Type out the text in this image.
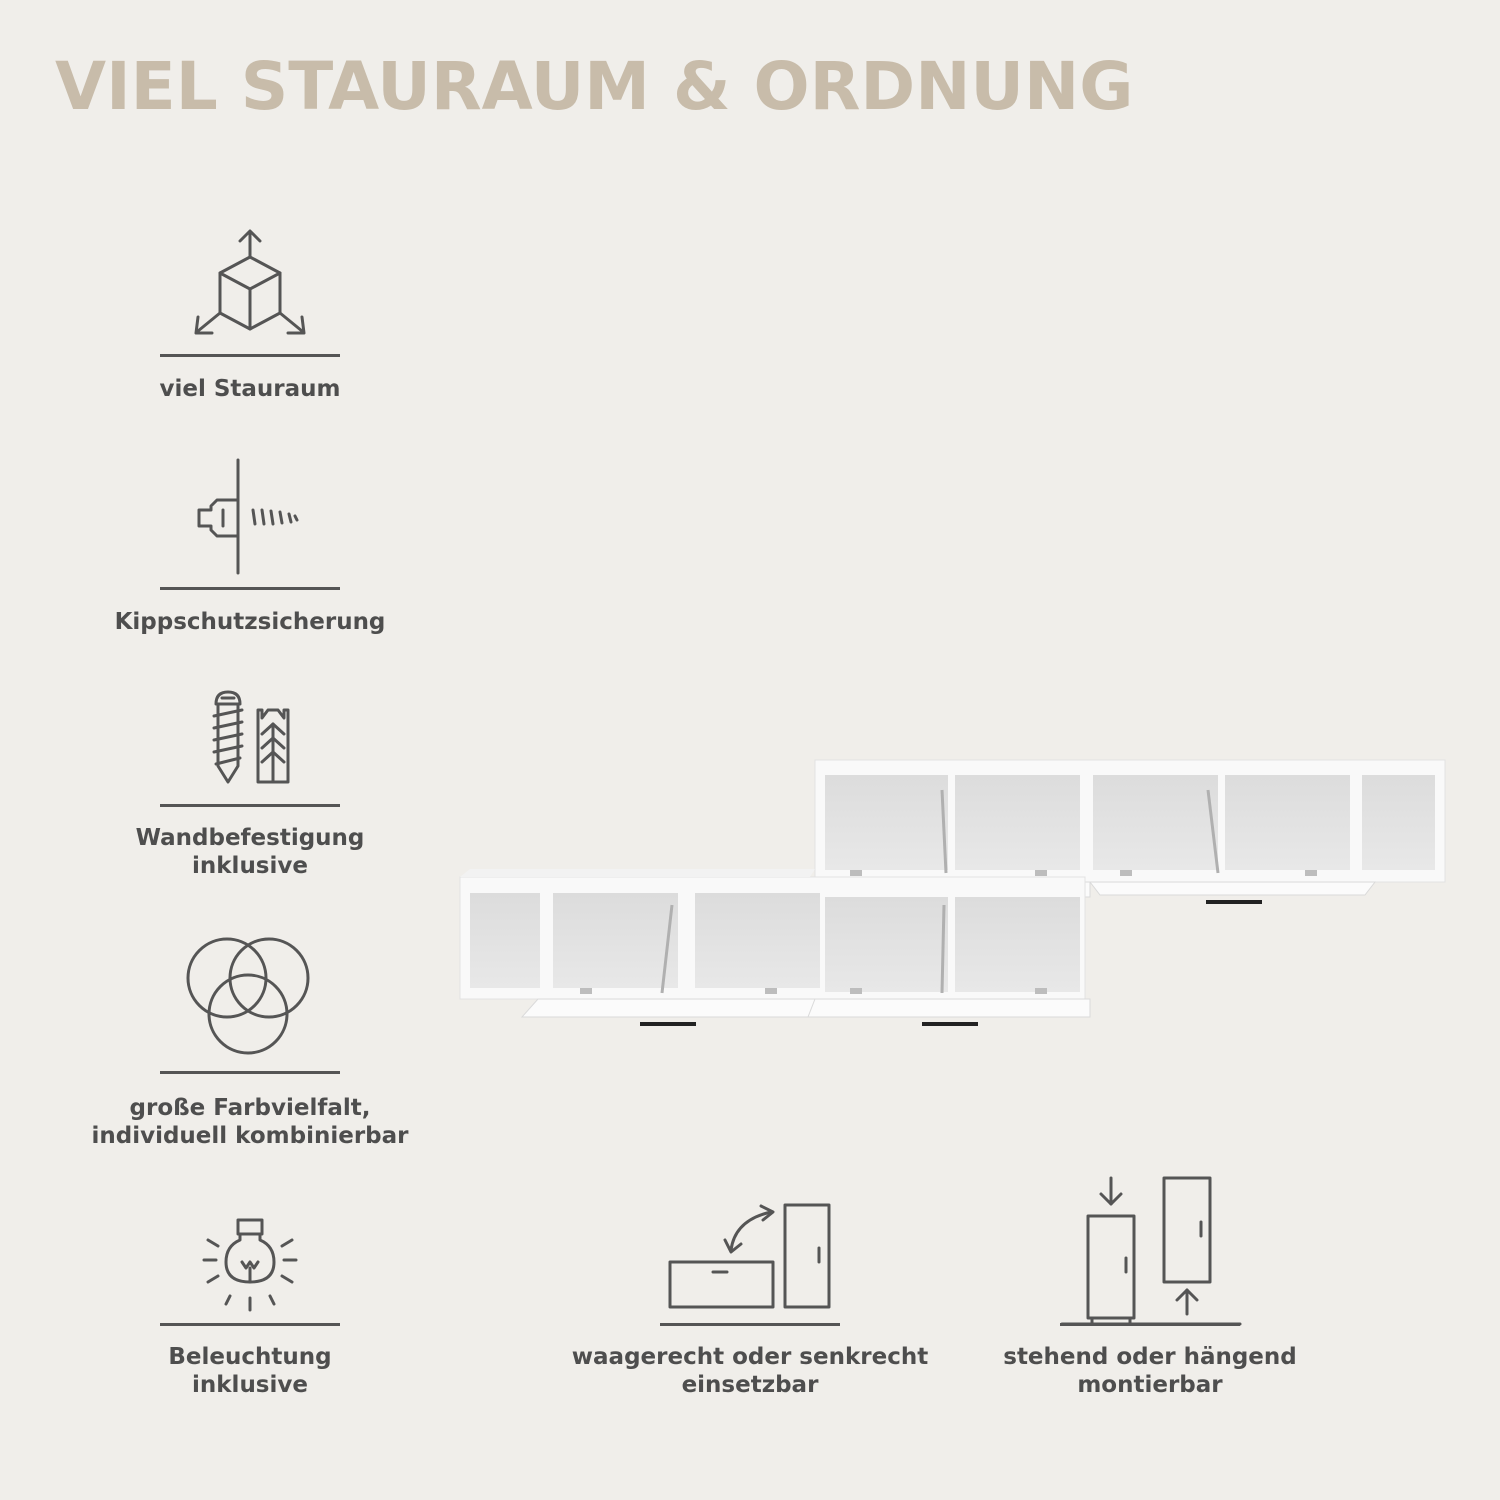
VIEL STAURAUM & ORDNUNG
viel Stauraum
Kippschutzsicherung
Wandbefestigung
inklusive
große Farbvielfalt,
individuell kombinierbar
Beleuchtung
inklusive
waagerecht oder senkrecht
einsetzbar
stehend oder hängend
montierbar
